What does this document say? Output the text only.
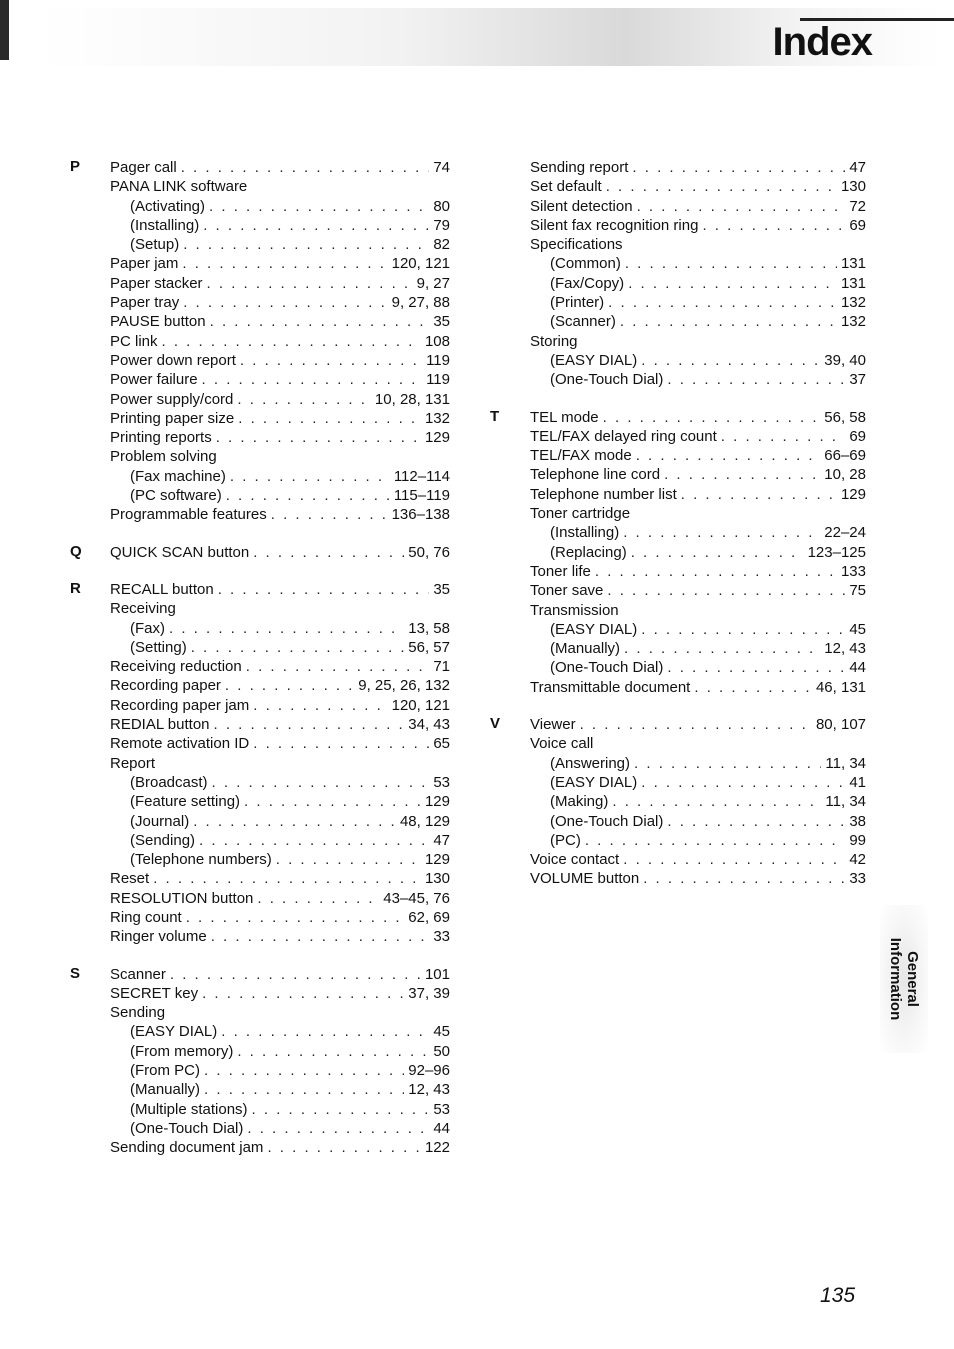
Index
P	Pager call . . .	74
PANA LINK software
(Activating) . . .	80
(Installing) . . .	79
(Setup) . . .	82
Paper jam . . .	120, 121
Paper stacker . . .	9, 27
Paper tray . . .	9, 27, 88
PAUSE button . . .	35
PC link . . .	108
Power down report . . .	119
Power failure . . .	119
Power supply/cord . . .	10, 28, 131
Printing paper size . . .	132
Printing reports . . .	129
Problem solving
(Fax machine) . . .	112–114
(PC software) . . .	115–119
Programmable features . . .	136–138
Q	QUICK SCAN button . . .	50, 76
R	RECALL button . . .	35
Receiving
(Fax) . . .	13, 58
(Setting) . . .	56, 57
Receiving reduction . . .	71
Recording paper . . .	9, 25, 26, 132
Recording paper jam . . .	120, 121
REDIAL button . . .	34, 43
Remote activation ID . . .	65
Report
(Broadcast) . . .	53
(Feature setting) . . .	129
(Journal) . . .	48, 129
(Sending) . . .	47
(Telephone numbers) . . .	129
Reset . . .	130
RESOLUTION button . . .	43–45, 76
Ring count . . .	62, 69
Ringer volume . . .	33
S	Scanner . . .	101
SECRET key . . .	37, 39
Sending
(EASY DIAL) . . .	45
(From memory) . . .	50
(From PC) . . .	92–96
(Manually) . . .	12, 43
(Multiple stations) . . .	53
(One-Touch Dial) . . .	44
Sending document jam . . .	122
Sending report . . .	47
Set default . . .	130
Silent detection . . .	72
Silent fax recognition ring . . .	69
Specifications
(Common) . . .	131
(Fax/Copy) . . .	131
(Printer) . . .	132
(Scanner) . . .	132
Storing
(EASY DIAL) . . .	39, 40
(One-Touch Dial) . . .	37
T	TEL mode . . .	56, 58
TEL/FAX delayed ring count . . .	69
TEL/FAX mode . . .	66–69
Telephone line cord . . .	10, 28
Telephone number list . . .	129
Toner cartridge
(Installing) . . .	22–24
(Replacing) . . .	123–125
Toner life . . .	133
Toner save . . .	75
Transmission
(EASY DIAL) . . .	45
(Manually) . . .	12, 43
(One-Touch Dial) . . .	44
Transmittable document . . .	46, 131
V	Viewer . . .	80, 107
Voice call
(Answering) . . .	11, 34
(EASY DIAL) . . .	41
(Making) . . .	11, 34
(One-Touch Dial) . . .	38
(PC) . . .	99
Voice contact . . .	42
VOLUME button . . .	33
General
Information
135
